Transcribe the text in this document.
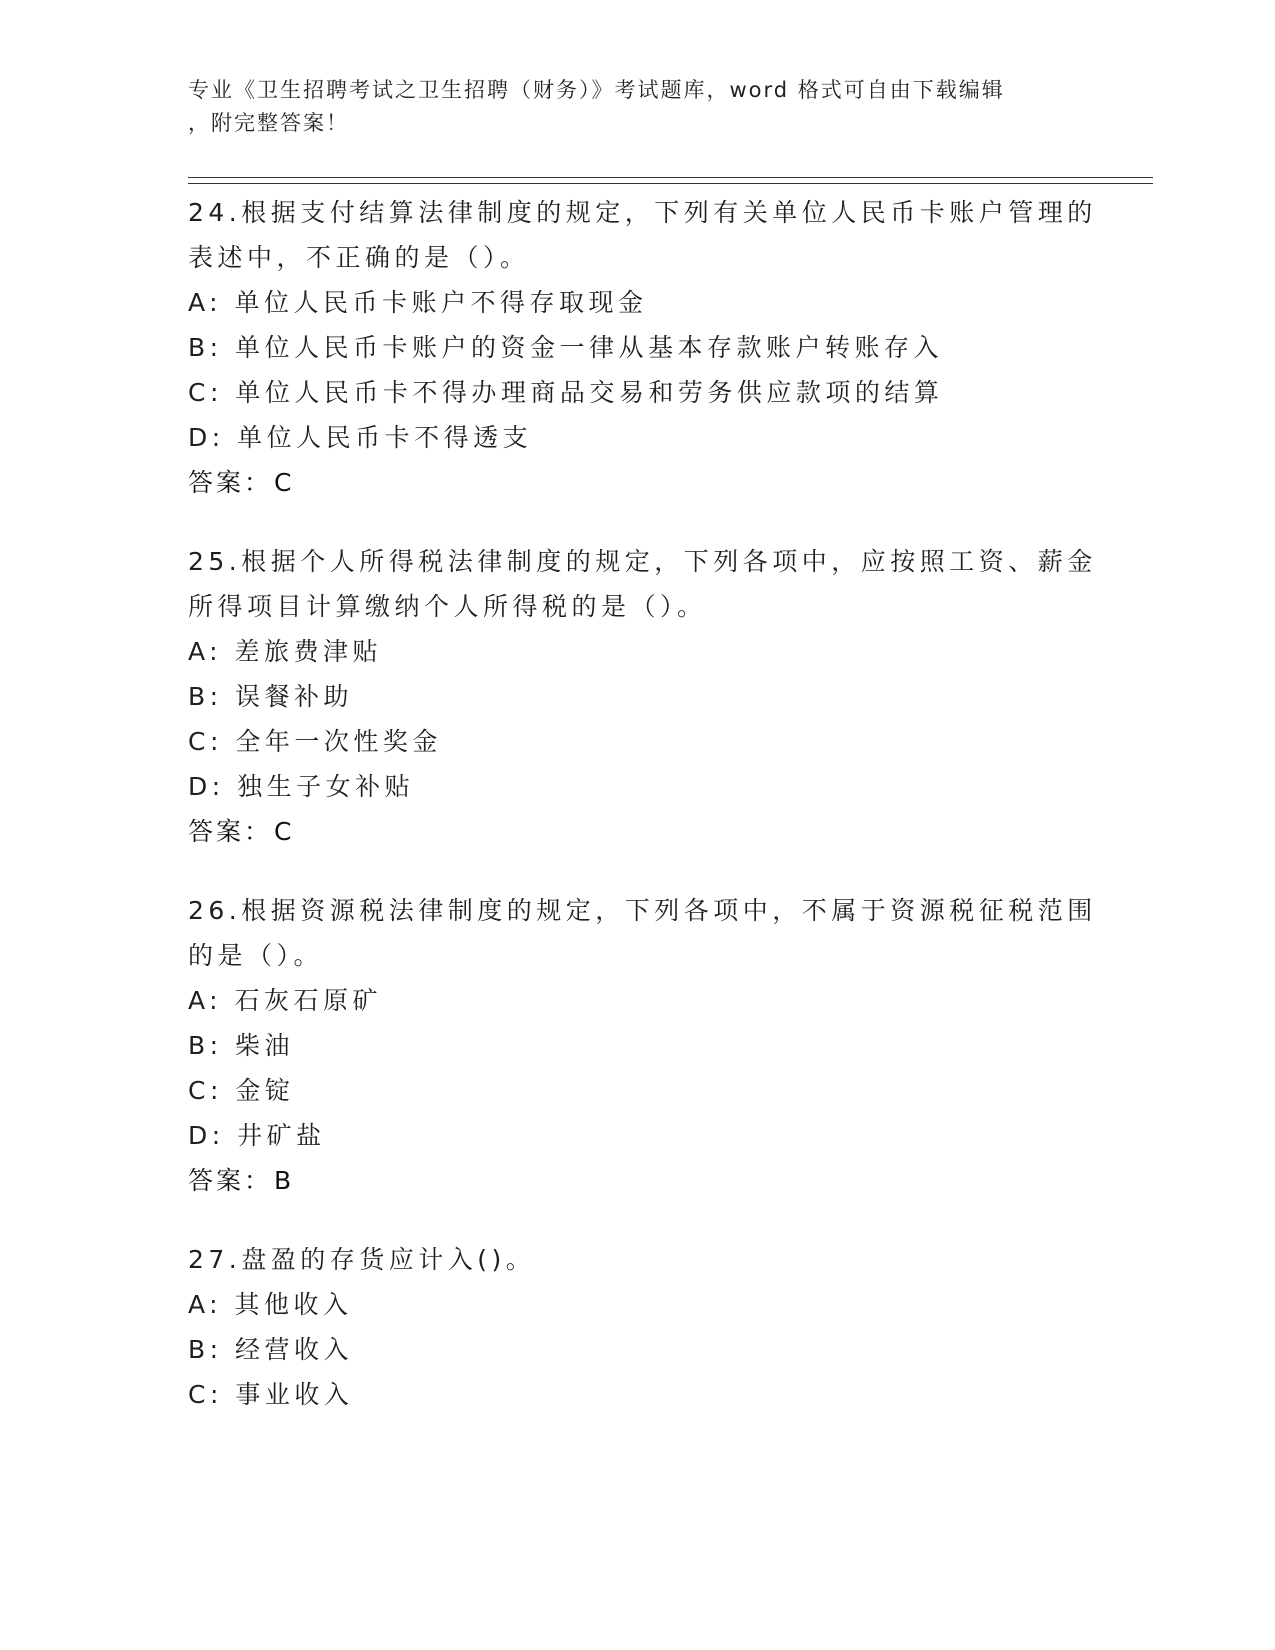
专业《卫生招聘考试之卫生招聘（财务）》考试题库，word 格式可自由下载编辑
，附完整答案！
24.根据支付结算法律制度的规定，下列有关单位人民币卡账户管理的
表述中，不正确的是（）。
A: 单位人民币卡账户不得存取现金
B: 单位人民币卡账户的资金一律从基本存款账户转账存入
C: 单位人民币卡不得办理商品交易和劳务供应款项的结算
D: 单位人民币卡不得透支
答案：C
25.根据个人所得税法律制度的规定，下列各项中，应按照工资、薪金
所得项目计算缴纳个人所得税的是（）。
A: 差旅费津贴
B: 误餐补助
C: 全年一次性奖金
D: 独生子女补贴
答案：C
26.根据资源税法律制度的规定，下列各项中，不属于资源税征税范围
的是（）。
A: 石灰石原矿
B: 柴油
C: 金锭
D: 井矿盐
答案：B
27.盘盈的存货应计入()。
A: 其他收入
B: 经营收入
C: 事业收入
